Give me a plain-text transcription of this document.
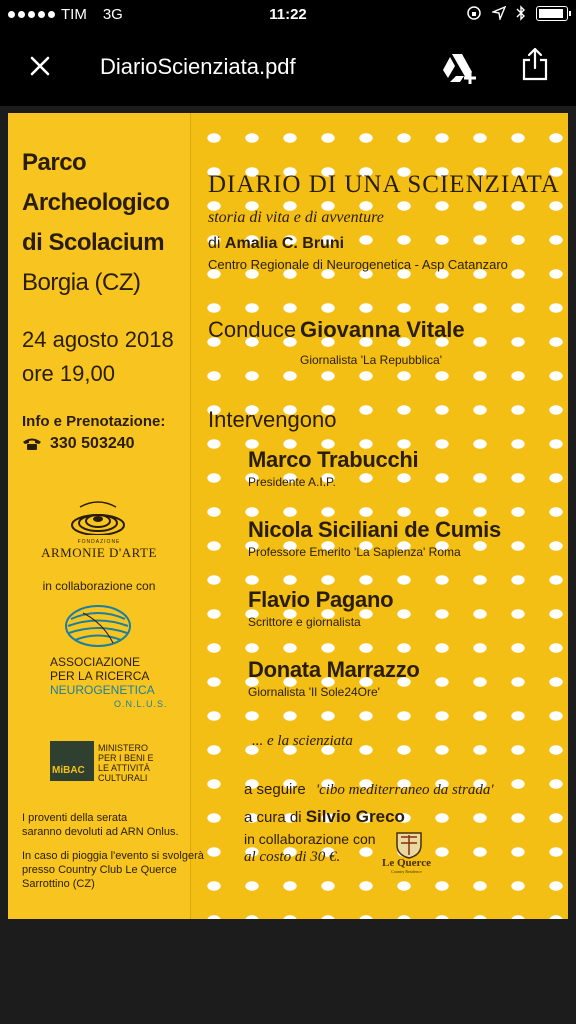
TIM 3G	11:22
DiarioScienziata.pdf
Parco
Archeologico
di Scolacium
Borgia (CZ)
24 agosto 2018
ore 19,00
Info e Prenotazione:
330 503240
FONDAZIONE
ARMONIE D'ARTE
in collaborazione con
ASSOCIAZIONE
PER LA RICERCA
NEUROGENETICA
O.N.L.U.S.
MiBAC
MINISTERO
PER I BENI E
LE ATTIVITÀ
CULTURALI
I proventi della serata
saranno devoluti ad ARN Onlus.
In caso di pioggia l'evento si svolgerà
presso Country Club Le Querce
Sarrottino (CZ)
DIARIO DI UNA SCIENZIATA
storia di vita e di avventure
di Amalia C. Bruni
Centro Regionale di Neurogenetica - Asp Catanzaro
Conduce Giovanna Vitale
Giornalista 'La Repubblica'
Intervengono
Marco Trabucchi
Presidente A.I.P.
Nicola Siciliani de Cumis
Professore Emerito 'La Sapienza' Roma
Flavio Pagano
Scrittore e giornalista
Donata Marrazzo
Giornalista 'Il Sole24Ore'
... e la scienziata
a seguire 'cibo mediterraneo da strada'
a cura di Silvio Greco
in collaborazione con
al costo di 30 €.	Le Querce
Country Residence
